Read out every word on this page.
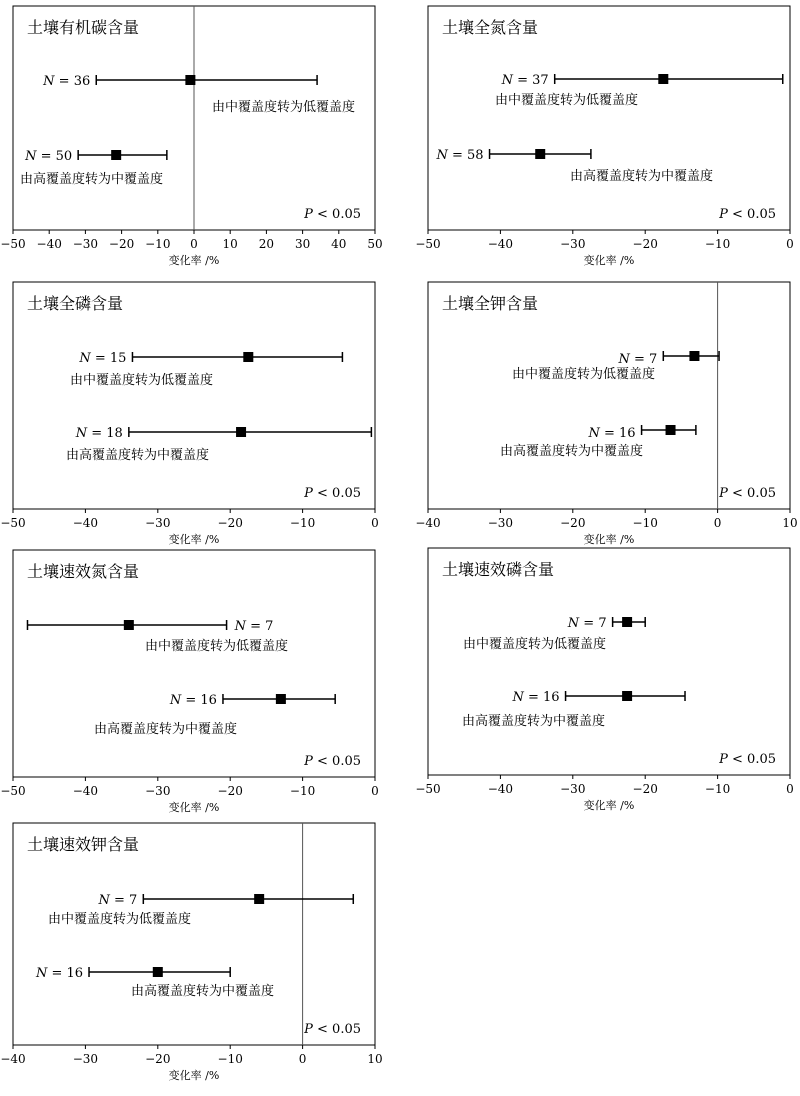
土壤有机碳含量
−50 −40 −30 −20 −10 0 10 20 30 40 50
变化率 /%
P < 0.05
N = 36
由中覆盖度转为低覆盖度
N = 50
由高覆盖度转为中覆盖度
土壤全氮含量
−50	−40	−30	−20	−10	0
变化率 /%
P < 0.05
N = 37
由中覆盖度转为低覆盖度
N = 58
由高覆盖度转为中覆盖度
土壤全磷含量
−50	−40	−30	−20	−10	0
变化率 /%
P < 0.05
N = 15
由中覆盖度转为低覆盖度
N = 18
由高覆盖度转为中覆盖度
土壤全钾含量
−40	−30	−20	−10	0	10
变化率 /%
P < 0.05
N = 7
由中覆盖度转为低覆盖度
N = 16
由高覆盖度转为中覆盖度
土壤速效氮含量
−50	−40	−30	−20	−10	0
变化率 /%
P < 0.05
N = 7
由中覆盖度转为低覆盖度
N = 16
由高覆盖度转为中覆盖度
土壤速效磷含量
−50	−40	−30	−20	−10	0
变化率 /%
P < 0.05
N = 7
由中覆盖度转为低覆盖度
N = 16
由高覆盖度转为中覆盖度
土壤速效钾含量
−40	−30	−20	−10	0	10
变化率 /%
P < 0.05
N = 7
由中覆盖度转为低覆盖度
N = 16
由高覆盖度转为中覆盖度
